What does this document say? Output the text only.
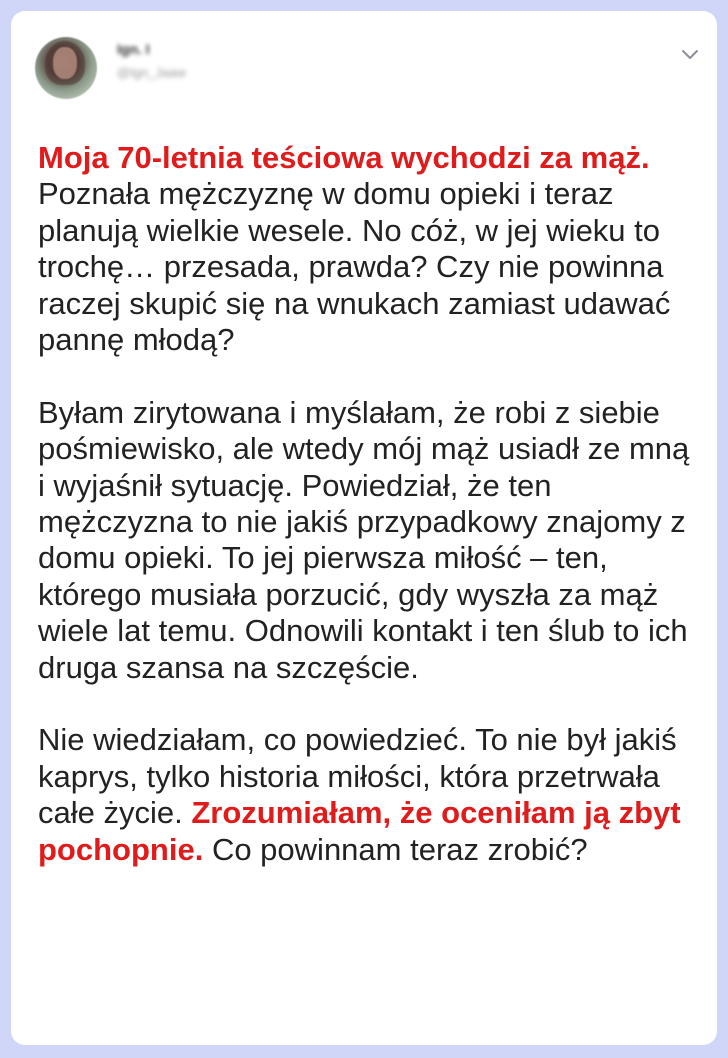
Ign. I
@Ign_Jaaw

Moja 70-letnia teściowa wychodzi za mąż. Poznała mężczyznę w domu opieki i teraz planują wielkie wesele. No cóż, w jej wieku to trochę… przesada, prawda? Czy nie powinna raczej skupić się na wnukach zamiast udawać pannę młodą?

Byłam zirytowana i myślałam, że robi z siebie pośmiewisko, ale wtedy mój mąż usiadł ze mną i wyjaśnił sytuację. Powiedział, że ten mężczyzna to nie jakiś przypadkowy znajomy z domu opieki. To jej pierwsza miłość – ten, którego musiała porzucić, gdy wyszła za mąż wiele lat temu. Odnowili kontakt i ten ślub to ich druga szansa na szczęście.

Nie wiedziałam, co powiedzieć. To nie był jakiś kaprys, tylko historia miłości, która przetrwała całe życie. Zrozumiałam, że oceniłam ją zbyt pochopnie. Co powinnam teraz zrobić?
